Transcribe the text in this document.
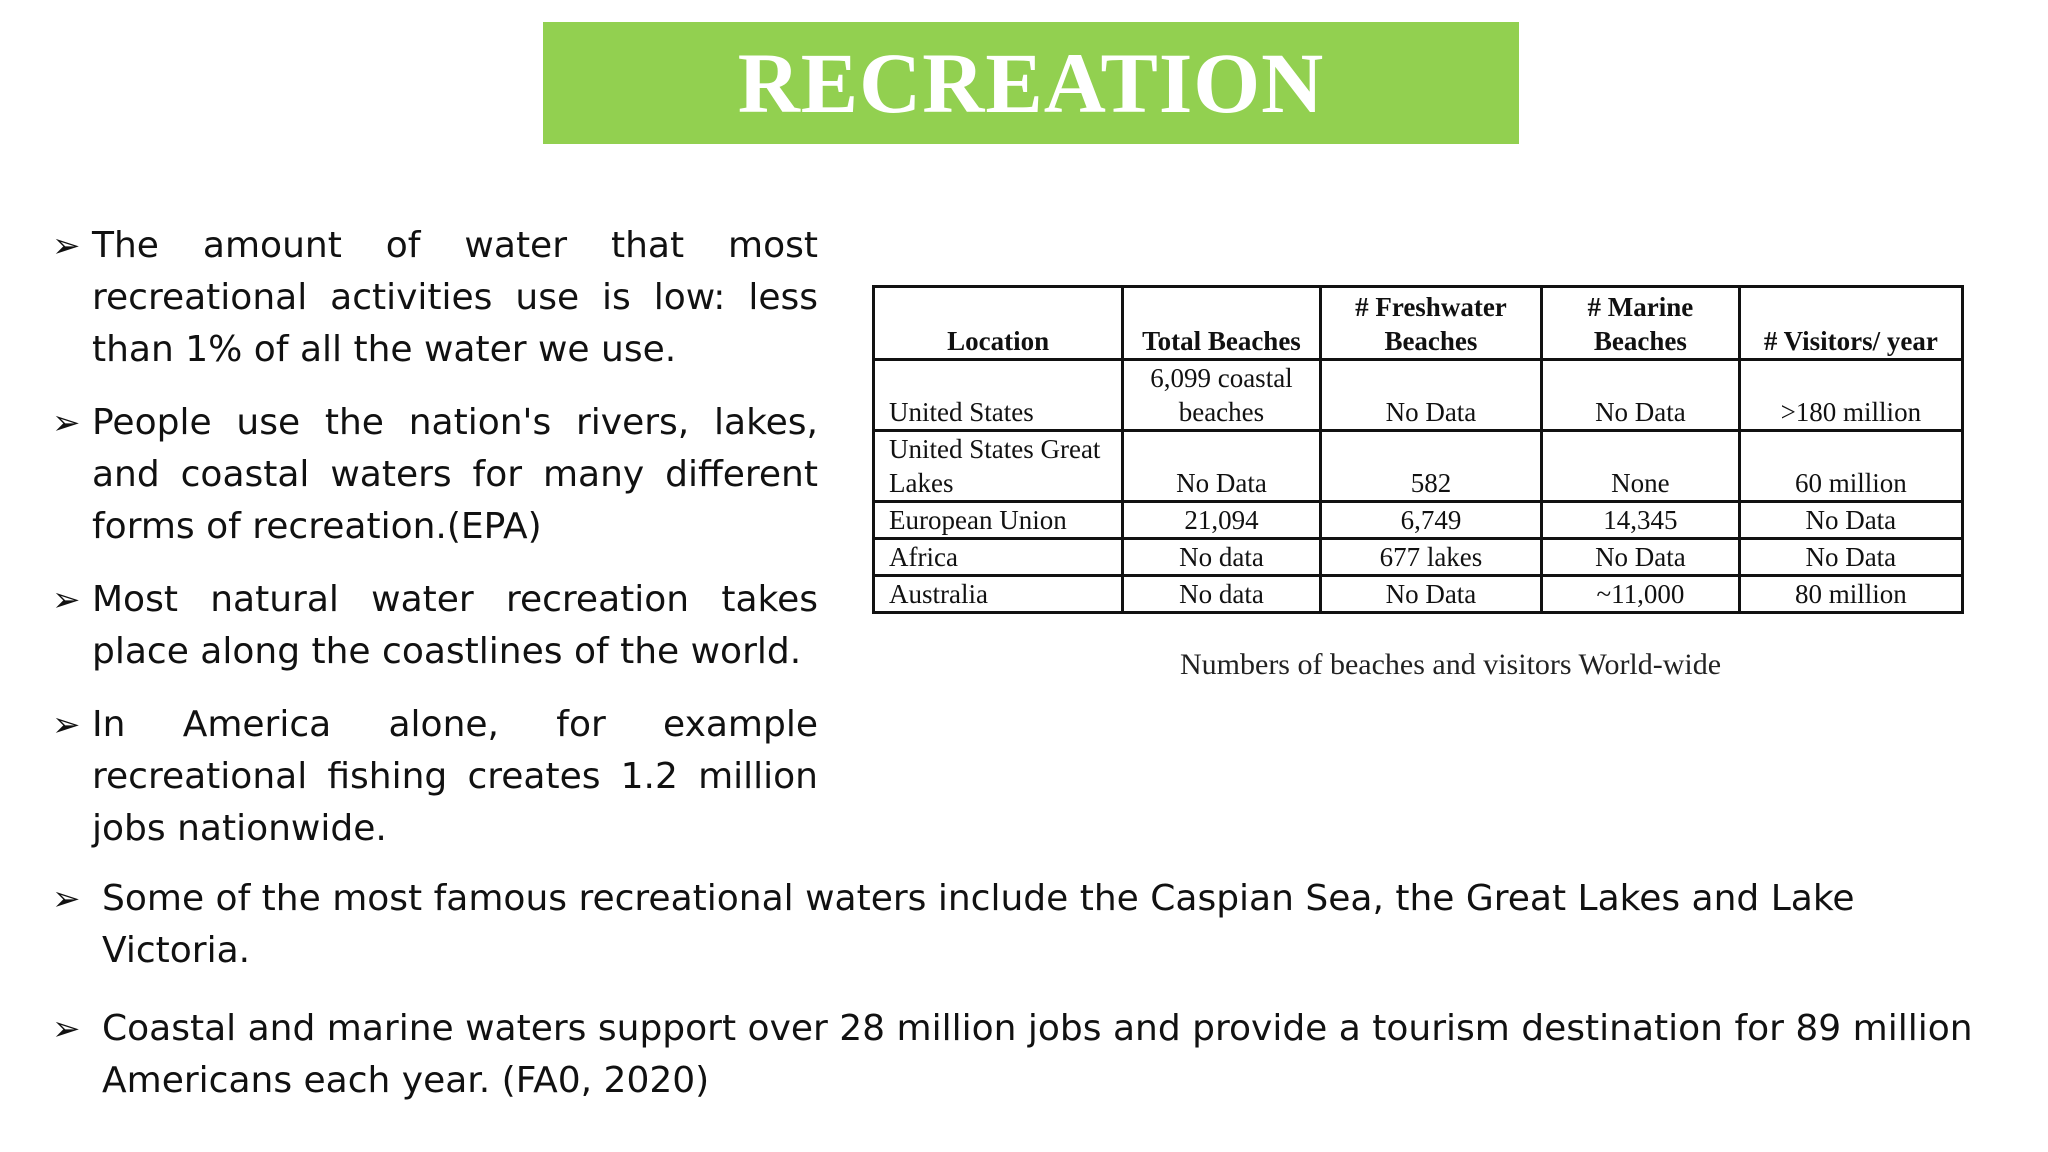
RECREATION
➢ The amount of water that most recreational activities use is low: less than 1% of all the water we use.
➢ People use the nation's rivers, lakes, and coastal waters for many different forms of recreation.(EPA)
➢ Most natural water recreation takes place along the coastlines of the world.
➢ In America alone, for example recreational fishing creates 1.2 million jobs nationwide.
Location	Total Beaches	# Freshwater Beaches	# Marine Beaches	# Visitors/ year
United States	6,099 coastal beaches	No Data	No Data	>180 million
United States Great Lakes	No Data	582	None	60 million
European Union	21,094	6,749	14,345	No Data
Africa	No data	677 lakes	No Data	No Data
Australia	No data	No Data	~11,000	80 million
Numbers of beaches and visitors World-wide
➢ Some of the most famous recreational waters include the Caspian Sea, the Great Lakes and Lake Victoria.
➢ Coastal and marine waters support over 28 million jobs and provide a tourism destination for 89 million Americans each year. (FA0, 2020)
